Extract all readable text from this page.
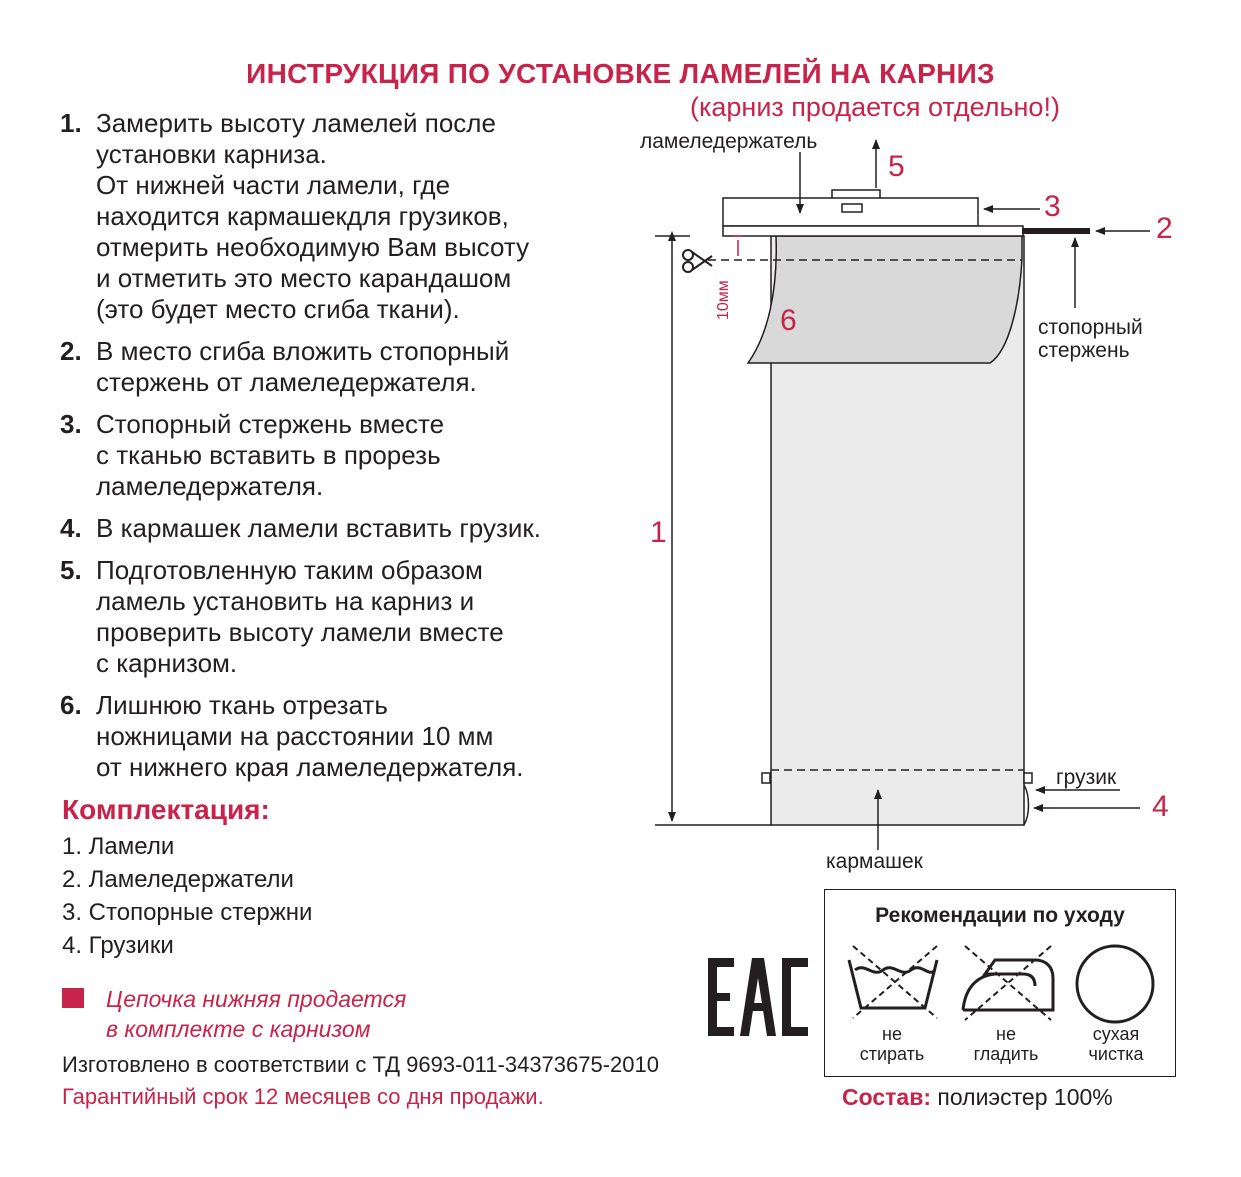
ИНСТРУКЦИЯ ПО УСТАНОВКЕ ЛАМЕЛЕЙ НА КАРНИЗ
(карниз продается отдельно!)
1. Замерить высоту ламелей после
установки карниза.
От нижней части ламели, где
находится кармашекдля грузиков,
отмерить необходимую Вам высоту
и отметить это место карандашом
(это будет место сгиба ткани).
2. В место сгиба вложить стопорный
стержень от ламеледержателя.
3. Стопорный стержень вместе
с тканью вставить в прорезь
ламеледержателя.
4. В кармашек ламели вставить грузик.
5. Подготовленную таким образом
ламель установить на карниз и
проверить высоту ламели вместе
с карнизом.
6. Лишнюю ткань отрезать
ножницами на расстоянии 10 мм
от нижнего края ламеледержателя.
Комплектация:
1. Ламели
2. Ламеледержатели
3. Стопорные стержни
4. Грузики
Цепочка нижняя продается
в комплекте с карнизом
Изготовлено в соответствии с ТД 9693-011-34373675-2010
Гарантийный срок 12 месяцев со дня продажи.
ламеледержатель
5
3
2
6	стопорный
стержень
1
грузик
4
кармашек
10мм
Рекомендации по уходу
не
стирать
не
гладить
сухая
чистка
Состав: полиэстер 100%
